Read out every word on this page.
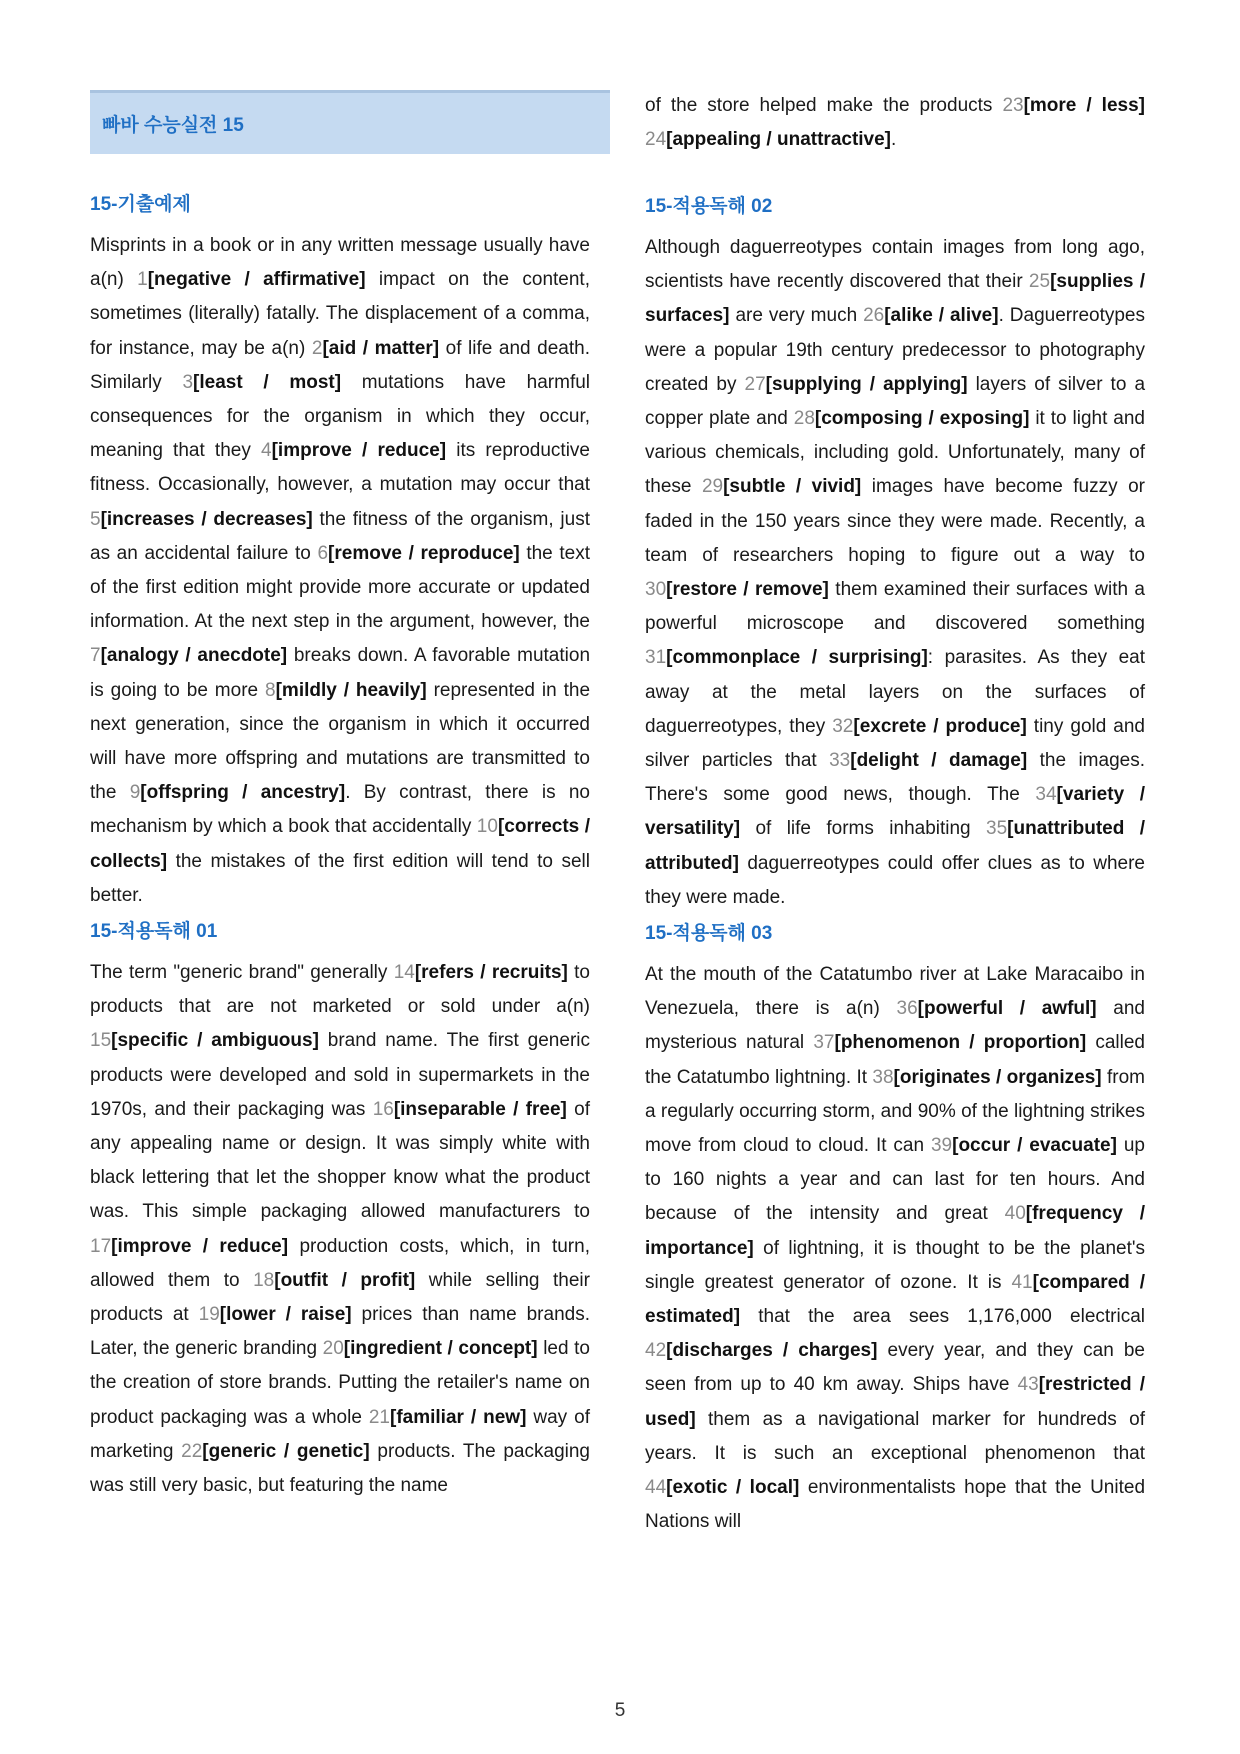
빠바 수능실전 15
15-기출예제

Misprints in a book or in any written message usually have a(n) 1[negative / affirmative] impact on the content, sometimes (literally) fatally. The displacement of a comma, for instance, may be a(n) 2[aid / matter] of life and death. Similarly 3[least / most] mutations have harmful consequences for the organism in which they occur, meaning that they 4[improve / reduce] its reproductive fitness. Occasionally, however, a mutation may occur that 5[increases / decreases] the fitness of the organism, just as an accidental failure to 6[remove / reproduce] the text of the first edition might provide more accurate or updated information. At the next step in the argument, however, the 7[analogy / anecdote] breaks down. A favorable mutation is going to be more 8[mildly / heavily] represented in the next generation, since the organism in which it occurred will have more offspring and mutations are transmitted to the 9[offspring / ancestry]. By contrast, there is no mechanism by which a book that accidentally 10[corrects / collects] the mistakes of the first edition will tend to sell better.

15-적용독해 01

The term "generic brand" generally 14[refers / recruits] to products that are not marketed or sold under a(n) 15[specific / ambiguous] brand name. The first generic products were developed and sold in supermarkets in the 1970s, and their packaging was 16[inseparable / free] of any appealing name or design. It was simply white with black lettering that let the shopper know what the product was. This simple packaging allowed manufacturers to 17[improve / reduce] production costs, which, in turn, allowed them to 18[outfit / profit] while selling their products at 19[lower / raise] prices than name brands. Later, the generic branding 20[ingredient / concept] led to the creation of store brands. Putting the retailer's name on product packaging was a whole 21[familiar / new] way of marketing 22[generic / genetic] products. The packaging was still very basic, but featuring the name

of the store helped make the products 23[more / less] 24[appealing / unattractive].

15-적용독해 02

Although daguerreotypes contain images from long ago, scientists have recently discovered that their 25[supplies / surfaces] are very much 26[alike / alive]. Daguerreotypes were a popular 19th century predecessor to photography created by 27[supplying / applying] layers of silver to a copper plate and 28[composing / exposing] it to light and various chemicals, including gold. Unfortunately, many of these 29[subtle / vivid] images have become fuzzy or faded in the 150 years since they were made. Recently, a team of researchers hoping to figure out a way to 30[restore / remove] them examined their surfaces with a powerful microscope and discovered something 31[commonplace / surprising]: parasites. As they eat away at the metal layers on the surfaces of daguerreotypes, they 32[excrete / produce] tiny gold and silver particles that 33[delight / damage] the images. There's some good news, though. The 34[variety / versatility] of life forms inhabiting 35[unattributed / attributed] daguerreotypes could offer clues as to where they were made.

15-적용독해 03

At the mouth of the Catatumbo river at Lake Maracaibo in Venezuela, there is a(n) 36[powerful / awful] and mysterious natural 37[phenomenon / proportion] called the Catatumbo lightning. It 38[originates / organizes] from a regularly occurring storm, and 90% of the lightning strikes move from cloud to cloud. It can 39[occur / evacuate] up to 160 nights a year and can last for ten hours. And because of the intensity and great 40[frequency / importance] of lightning, it is thought to be the planet's single greatest generator of ozone. It is 41[compared / estimated] that the area sees 1,176,000 electrical 42[discharges / charges] every year, and they can be seen from up to 40 km away. Ships have 43[restricted / used] them as a navigational marker for hundreds of years. It is such an exceptional phenomenon that 44[exotic / local] environmentalists hope that the United Nations will

5
